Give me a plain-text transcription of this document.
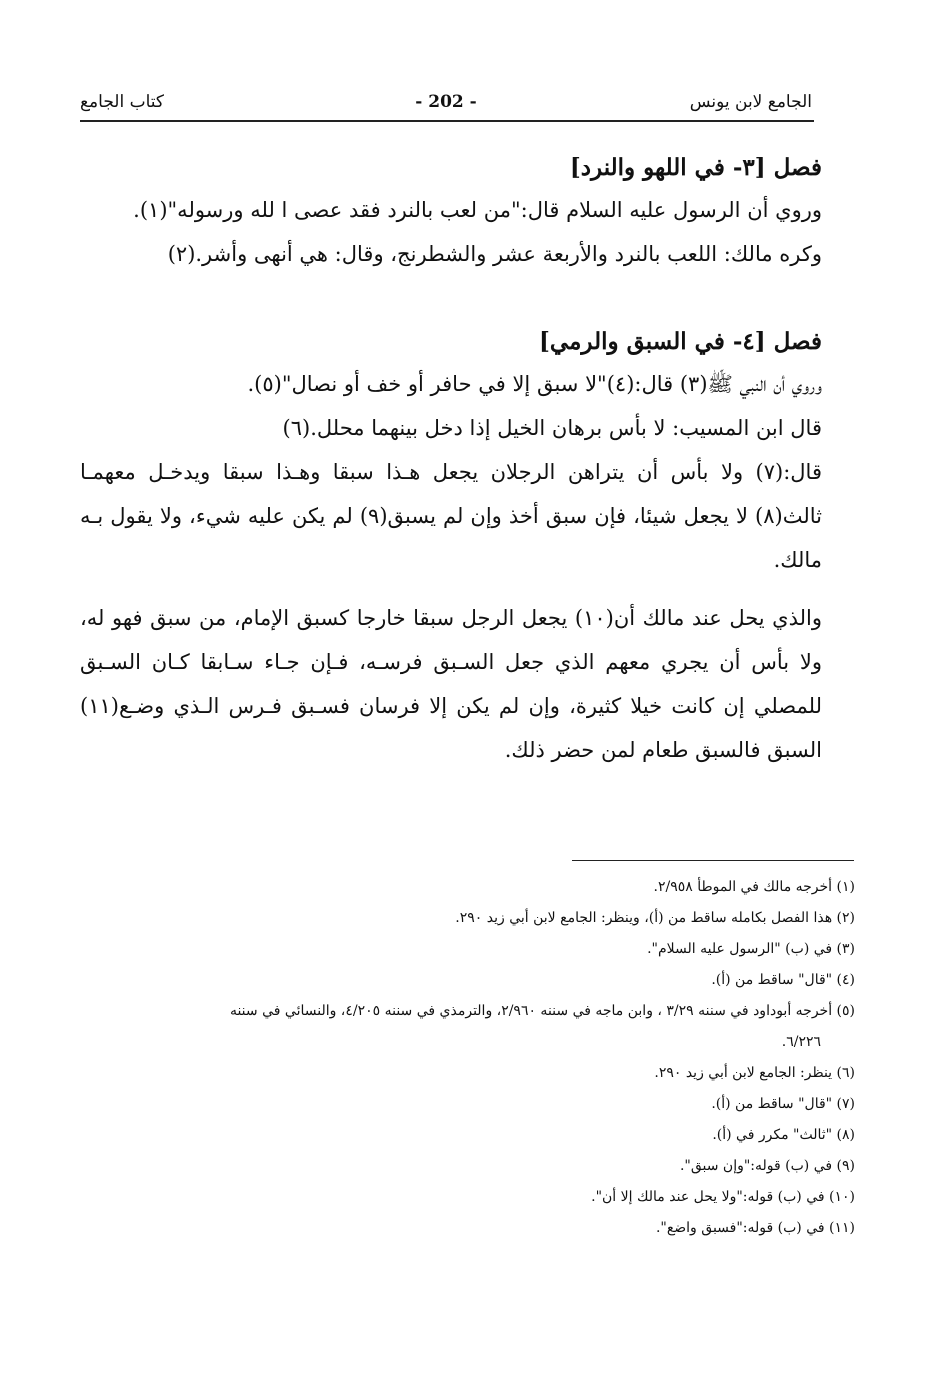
الجامع لابن يونس
- 202 -
كتاب الجامع

فصل [٣- في اللهو والنرد]

وروي أن الرسول عليه السلام قال:"من لعب بالنرد فقد عصى ا لله ورسوله"(١).

وكره مالك: اللعب بالنرد والأربعة عشر والشطرنج، وقال: هي أنهى وأشر.(٢)

فصل [٤- في السبق والرمي]

وروي أن النبي ﷺ(٣) قال:(٤)"لا سبق إلا في حافر أو خف أو نصال"(٥).

قال ابن المسيب: لا بأس برهان الخيل إذا دخل بينهما محلل.(٦)

قال:(٧) ولا بأس أن يتراهن الرجلان يجعل هـذا سبقا وهـذا سبقا ويدخـل معهمـا ثالث(٨) لا يجعل شيئا، فإن سبق أخذ وإن لم يسبق(٩) لم يكن عليه شيء، ولا يقول بـه مالك.

والذي يحل عند مالك أن(١٠) يجعل الرجل سبقا خارجا كسبق الإمام، من سبق فهو له، ولا بأس أن يجري معهم الذي جعل السـبق فرسـه، فـإن جـاء سـابقا كـان السـبق للمصلي إن كانت خيلا كثيرة، وإن لم يكن إلا فرسان فسـبق فـرس الـذي وضـع(١١) السبق فالسبق طعام لمن حضر ذلك.

(١) أخرجه مالك في الموطأ ٢/٩٥٨.

(٢) هذا الفصل بكامله ساقط من (أ)، وينظر: الجامع لابن أبي زيد ٢٩٠.

(٣) في (ب) "الرسول عليه السلام".

(٤) "قال" ساقط من (أ).

(٥) أخرجه أبوداود في سننه ٣/٢٩ ، وابن ماجه في سننه ٢/٩٦٠، والترمذي في سننه ٤/٢٠٥، والنسائي في سننه

٦/٢٢٦.

(٦) ينظر: الجامع لابن أبي زيد ٢٩٠.

(٧) "قال" ساقط من (أ).

(٨) "ثالث" مكرر في (أ).

(٩) في (ب) قوله:"وإن سبق".

(١٠) في (ب) قوله:"ولا يحل عند مالك إلا أن".

(١١) في (ب) قوله:"فسبق واضع".
